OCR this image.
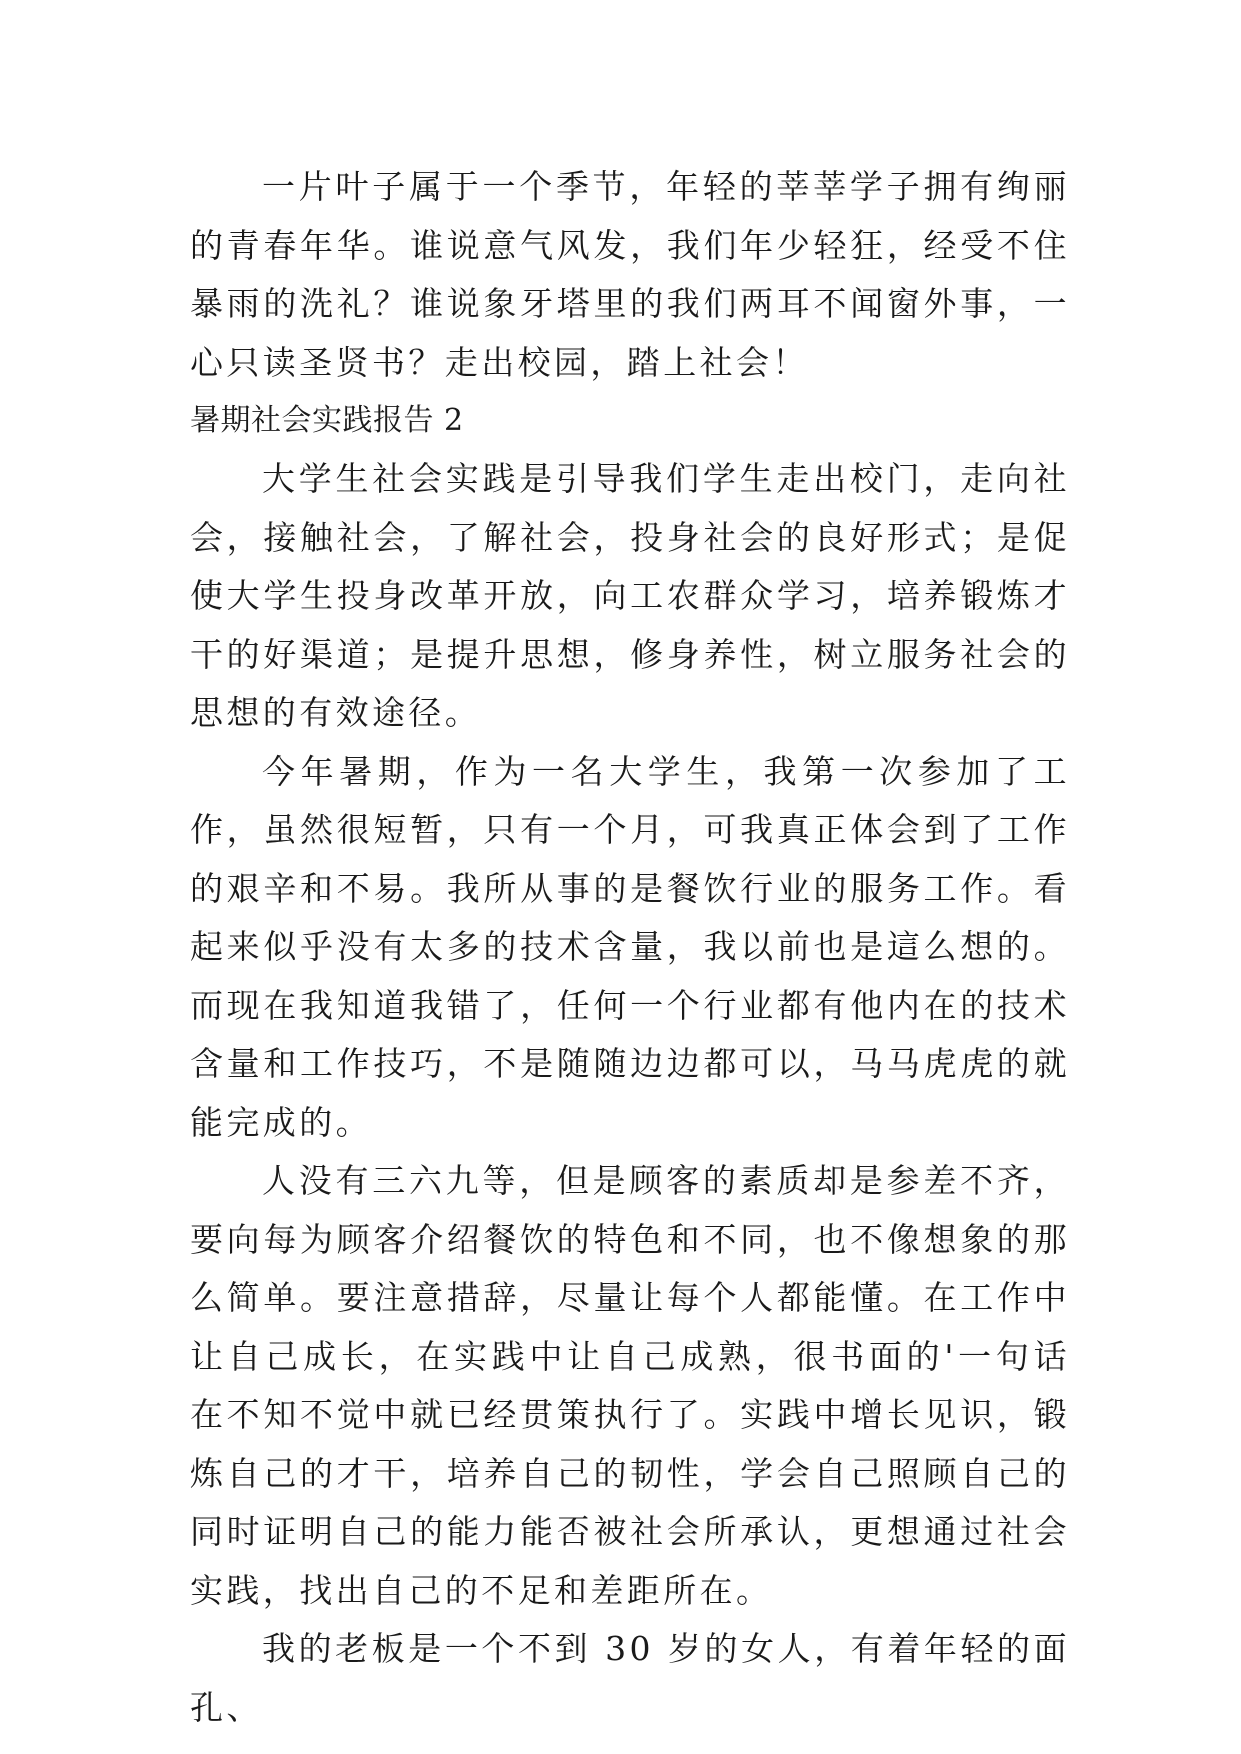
一片叶子属于一个季节，年轻的莘莘学子拥有绚丽的青春年华。谁说意气风发，我们年少轻狂，经受不住暴雨的洗礼？谁说象牙塔里的我们两耳不闻窗外事，一心只读圣贤书？走出校园，踏上社会！

暑期社会实践报告 2

大学生社会实践是引导我们学生走出校门，走向社会，接触社会，了解社会，投身社会的良好形式；是促使大学生投身改革开放，向工农群众学习，培养锻炼才干的好渠道；是提升思想，修身养性，树立服务社会的思想的有效途径。

今年暑期，作为一名大学生，我第一次参加了工作，虽然很短暂，只有一个月，可我真正体会到了工作的艰辛和不易。我所从事的是餐饮行业的服务工作。看起来似乎没有太多的技术含量，我以前也是這么想的。而现在我知道我错了，任何一个行业都有他内在的技术含量和工作技巧，不是随随边边都可以，马马虎虎的就能完成的。

人没有三六九等，但是顾客的素质却是参差不齐，要向每为顾客介绍餐饮的特色和不同，也不像想象的那么简单。要注意措辞，尽量让每个人都能懂。在工作中让自己成长，在实践中让自己成熟，很书面的'一句话在不知不觉中就已经贯策执行了。实践中增长见识，锻炼自己的才干，培养自己的韧性，学会自己照顾自己的同时证明自己的能力能否被社会所承认，更想通过社会实践，找出自己的不足和差距所在。

我的老板是一个不到 30 岁的女人，有着年轻的面孔、
